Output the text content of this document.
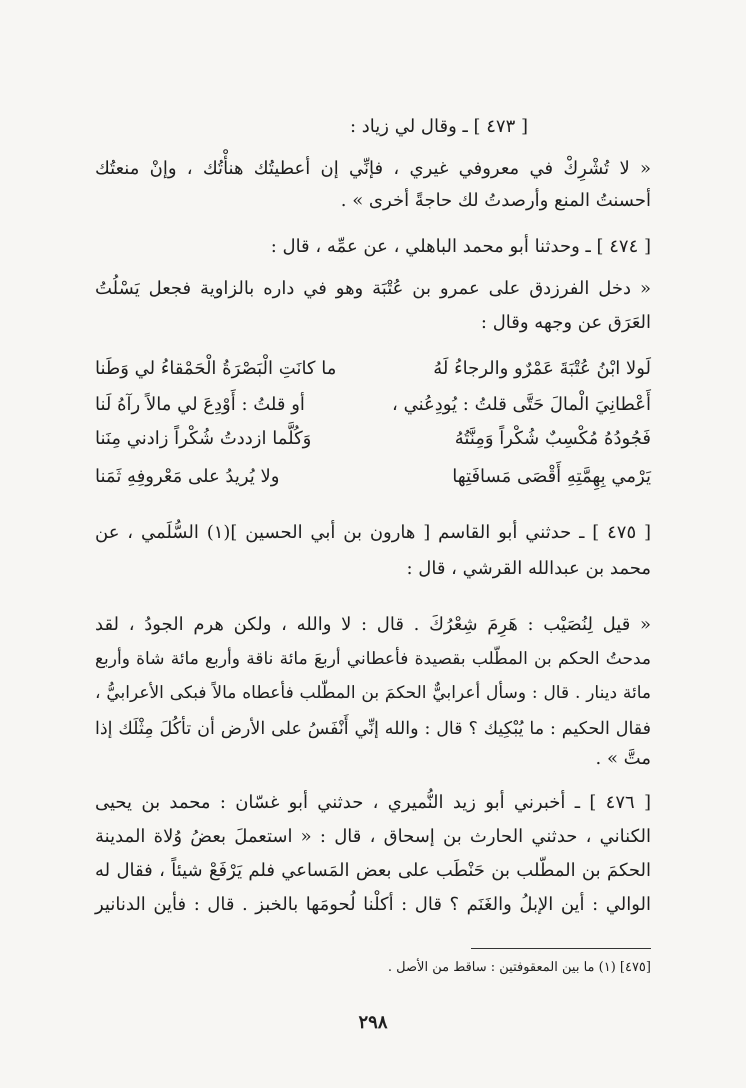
[ ٤٧٣ ] ـ وقال لي زياد :
« لا تُشْرِكْ في معروفي غيري ، فإنِّي إن أعطيتُك هنأْتُك ، وإنْ منعتُك
أحسنتُ المنع وأرصدتُ لك حاجةً أخرى » .
[ ٤٧٤ ] ـ وحدثنا أبو محمد الباهلي ، عن عمِّه ، قال :
« دخل الفرزدق على عمرو بن عُتْبَة وهو في داره بالزاوية فجعل يَسْلُتُ
العَرَق عن وجهه وقال :
لَولا ابْنُ عُتْبَةَ عَمْرٌو والرجاءُ لَهُ
ما كانَتِ الْبَصْرَةُ الْحَمْقاءُ لي وَطَنا
أَعْطانِيَ الْمالَ حَتَّى قلتُ : يُودِعُني ،
أو قلتُ : أَوْدِعَ لي مالاً رآهُ لَنا
فَجُودُهُ مُكْسِبٌ شُكْراً وَمِنَّتُهُ
وَكُلَّما ازددتُ شُكْراً زادني مِنَنا
يَرْمي بِهِمَّتِهِ أَقْصَى مَسافَتِها
ولا يُريدُ على مَعْروفِهِ ثَمَنا
[ ٤٧٥ ] ـ حدثني أبو القاسم [ هارون بن أبي الحسين ](١) السُّلَمي ، عن
محمد بن عبدالله القرشي ، قال :
« قيل لِنُصَيْب : هَرِمَ شِعْرُكَ . قال : لا والله ، ولكن هرم الجودُ ، لقد
مدحتُ الحكم بن المطّلب بقصيدة فأعطاني أربعَ مائة ناقة وأربع مائة شاة وأربع
مائة دينار . قال : وسأل أعرابيٌّ الحكمَ بن المطّلب فأعطاه مالاً فبكى الأعرابيُّ ،
فقال الحكيم : ما يُبْكِيك ؟ قال : والله إنِّي أَنْفَسُ على الأرض أن تأكُلَ مِثْلَك إذا
متَّ » .
[ ٤٧٦ ] ـ أخبرني أبو زيد النُّميري ، حدثني أبو غسّان : محمد بن يحيى
الكناني ، حدثني الحارث بن إسحاق ، قال : « استعملَ بعضُ وُلاة المدينة
الحكمَ بن المطّلب بن حَنْطَب على بعض المَساعي فلم يَرْفَعْ شيئاً ، فقال له
الوالي : أين الإبلُ والغَنَم ؟ قال : أكلْنا لُحومَها بالخبز . قال : فأين الدنانير
[٤٧٥] (١) ما بين المعقوفتين : ساقط من الأصل .
٢٩٨
